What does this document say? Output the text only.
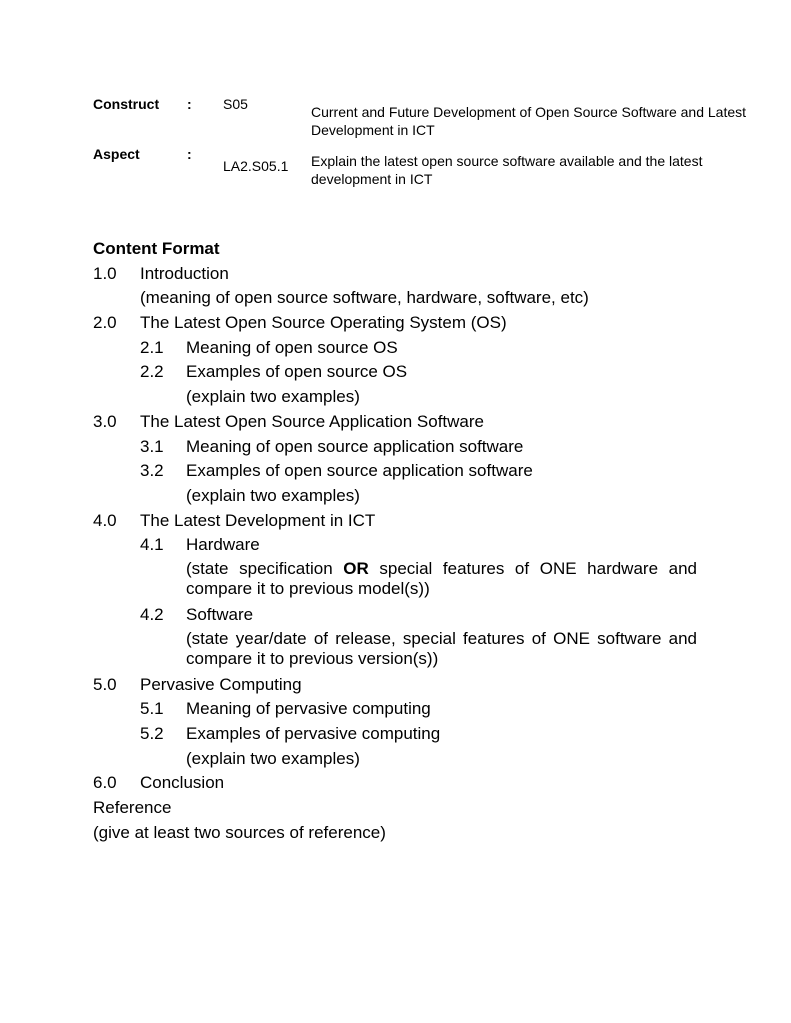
Construct : S05	Current and Future Development of Open Source Software and Latest Development in ICT
Aspect	:
LA2.S05.1 Explain the latest open source software available and the latest development in ICT
Content Format
1.0 Introduction
(meaning of open source software, hardware, software, etc)
2.0 The Latest Open Source Operating System (OS)
2.1 Meaning of open source OS
2.2 Examples of open source OS
(explain two examples)
3.0 The Latest Open Source Application Software
3.1 Meaning of open source application software
3.2 Examples of open source application software
(explain two examples)
4.0 The Latest Development in ICT
4.1 Hardware
(state specification OR special features of ONE hardware and compare it to previous model(s))
4.2 Software
(state year/date of release, special features of ONE software and compare it to previous version(s))
5.0 Pervasive Computing
5.1 Meaning of pervasive computing
5.2 Examples of pervasive computing
(explain two examples)
6.0 Conclusion
Reference
(give at least two sources of reference)
